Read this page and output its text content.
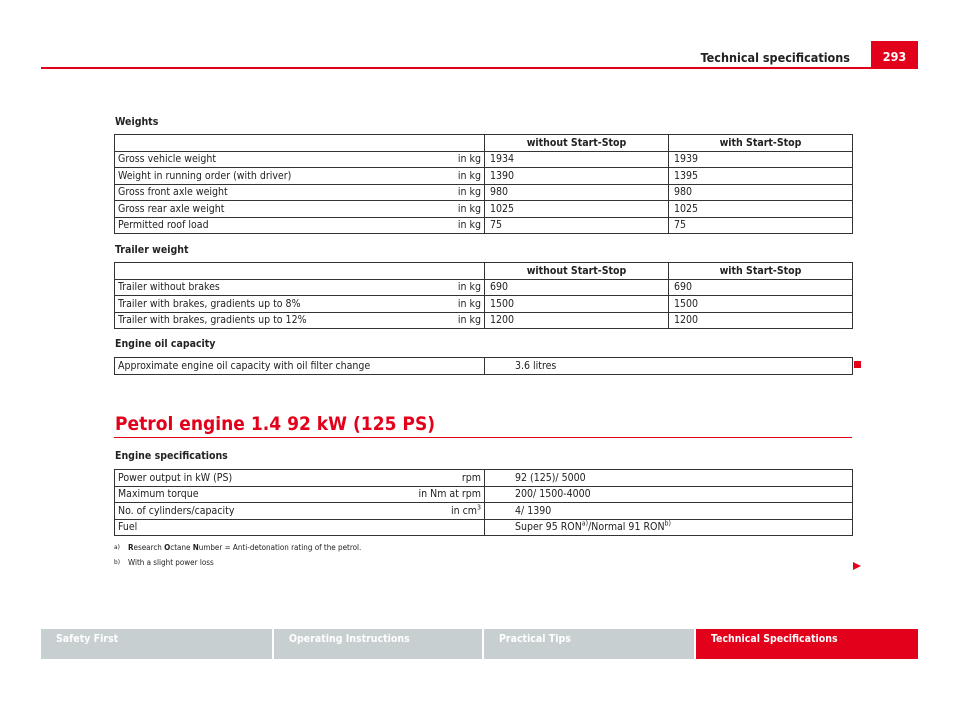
Technical specifications	293
Weights
		without Start-Stop	with Start-Stop
Gross vehicle weight	in kg	1934	1939
Weight in running order (with driver)	in kg	1390	1395
Gross front axle weight	in kg	980	980
Gross rear axle weight	in kg	1025	1025
Permitted roof load	in kg	75	75
Trailer weight
		without Start-Stop	with Start-Stop
Trailer without brakes	in kg	690	690
Trailer with brakes, gradients up to 8%	in kg	1500	1500
Trailer with brakes, gradients up to 12%	in kg	1200	1200
Engine oil capacity
Approximate engine oil capacity with oil filter change	3.6 litres
Petrol engine 1.4 92 kW (125 PS)
Engine specifications
Power output in kW (PS)	rpm	92 (125)/ 5000
Maximum torque	in Nm at rpm	200/ 1500-4000
No. of cylinders/capacity	in $cm^3$	4/ 1390
Fuel		Super 95 RON$^{a)}$/Normal 91 RON$^{b)}$
a) Research Octane Number = Anti-detonation rating of the petrol.
b) With a slight power loss
Safety First	Operating Instructions	Practical Tips	Technical Specifications
